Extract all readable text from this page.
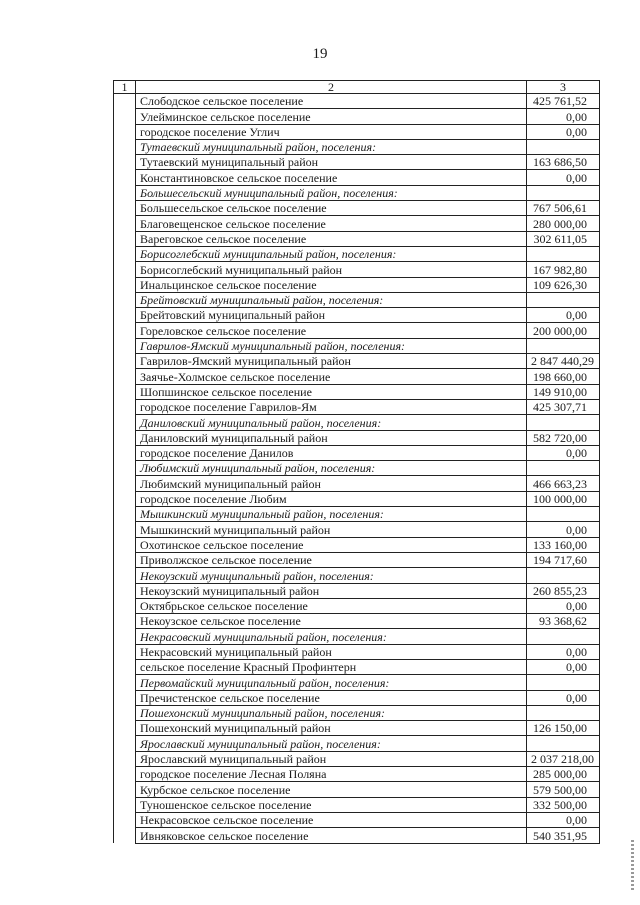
19
1	2	3
	Слободское сельское поселение	425 761,52
	Улейминское сельское поселение	0,00
	городское поселение Углич	0,00
	Тутаевский муниципальный район, поселения:	
	Тутаевский муниципальный район	163 686,50
	Константиновское сельское поселение	0,00
	Большесельский муниципальный район, поселения:	
	Большесельское сельское поселение	767 506,61
	Благовещенское сельское поселение	280 000,00
	Вареговское сельское поселение	302 611,05
	Борисоглебский муниципальный район, поселения:	
	Борисоглебский муниципальный район	167 982,80
	Инальцинское сельское поселение	109 626,30
	Брейтовский муниципальный район, поселения:	
	Брейтовский муниципальный район	0,00
	Гореловское сельское поселение	200 000,00
	Гаврилов-Ямский муниципальный район, поселения:	
	Гаврилов-Ямский муниципальный район	2 847 440,29
	Заячье-Холмское сельское поселение	198 660,00
	Шопшинское сельское поселение	149 910,00
	городское поселение Гаврилов-Ям	425 307,71
	Даниловский муниципальный район, поселения:	
	Даниловский муниципальный район	582 720,00
	городское поселение Данилов	0,00
	Любимский муниципальный район, поселения:	
	Любимский муниципальный район	466 663,23
	городское поселение Любим	100 000,00
	Мышкинский муниципальный район, поселения:	
	Мышкинский муниципальный район	0,00
	Охотинское сельское поселение	133 160,00
	Приволжское сельское поселение	194 717,60
	Некоузский муниципальный район, поселения:	
	Некоузский муниципальный район	260 855,23
	Октябрьское сельское поселение	0,00
	Некоузское сельское поселение	93 368,62
	Некрасовский муниципальный район, поселения:	
	Некрасовский муниципальный район	0,00
	сельское поселение Красный Профинтерн	0,00
	Первомайский муниципальный район, поселения:	
	Пречистенское сельское поселение	0,00
	Пошехонский муниципальный район, поселения:	
	Пошехонский муниципальный район	126 150,00
	Ярославский муниципальный район, поселения:	
	Ярославский муниципальный район	2 037 218,00
	городское поселение Лесная Поляна	285 000,00
	Курбское сельское поселение	579 500,00
	Туношенское сельское поселение	332 500,00
	Некрасовское сельское поселение	0,00
	Ивняковское сельское поселение	540 351,95
